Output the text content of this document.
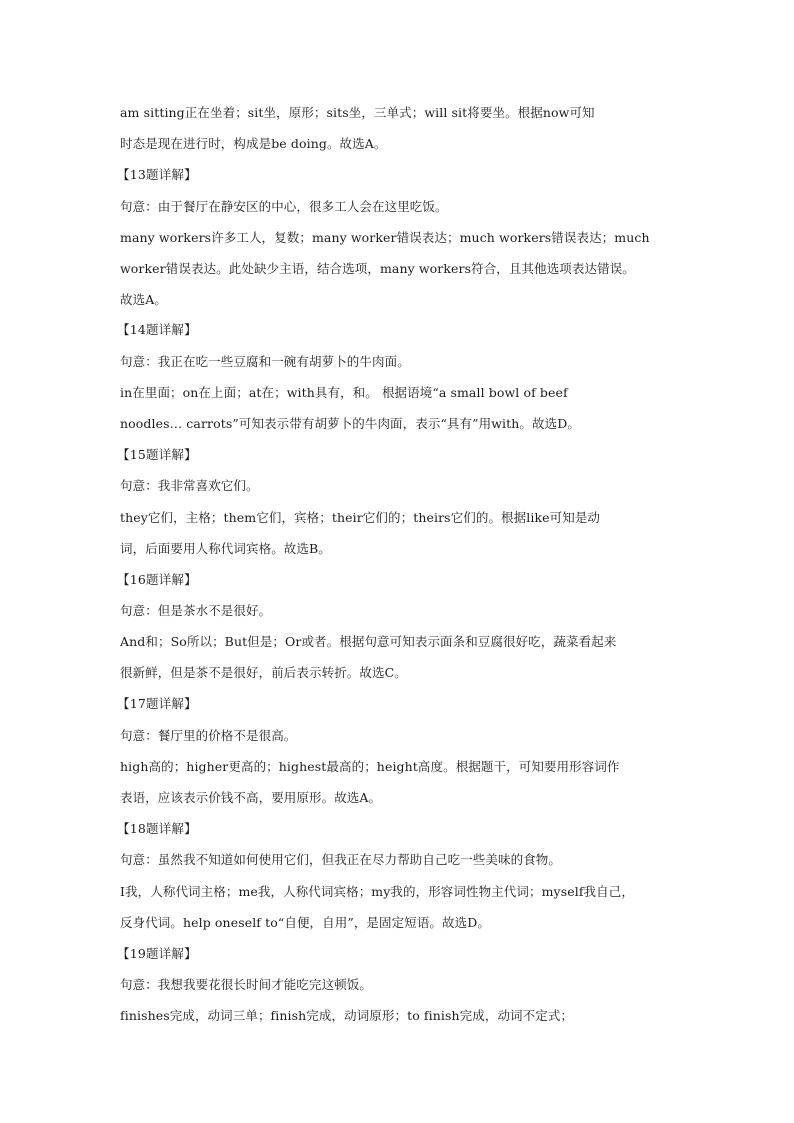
am sitting正在坐着；sit坐，原形；sits坐，三单式；will sit将要坐。根据now可知
时态是现在进行时，构成是be doing。故选A。
【13题详解】
句意：由于餐厅在静安区的中心，很多工人会在这里吃饭。
many workers许多工人，复数；many worker错误表达；much workers错误表达；much
worker错误表达。此处缺少主语，结合选项，many workers符合，且其他选项表达错误。
故选A。
【14题详解】
句意：我正在吃一些豆腐和一碗有胡萝卜的牛肉面。
in在里面；on在上面；at在；with具有，和。 根据语境“a small bowl of beef
noodles… carrots”可知表示带有胡萝卜的牛肉面，表示“具有”用with。故选D。
【15题详解】
句意：我非常喜欢它们。
they它们，主格；them它们，宾格；their它们的；theirs它们的。根据like可知是动
词，后面要用人称代词宾格。故选B。
【16题详解】
句意：但是茶水不是很好。
And和；So所以；But但是；Or或者。根据句意可知表示面条和豆腐很好吃，蔬菜看起来
很新鲜，但是茶不是很好，前后表示转折。故选C。
【17题详解】
句意：餐厅里的价格不是很高。
high高的；higher更高的；highest最高的；height高度。根据题干，可知要用形容词作
表语，应该表示价钱不高，要用原形。故选A。
【18题详解】
句意：虽然我不知道如何使用它们，但我正在尽力帮助自己吃一些美味的食物。
I我，人称代词主格；me我，人称代词宾格；my我的，形容词性物主代词；myself我自己，
反身代词。help oneself to“自便，自用”，是固定短语。故选D。
【19题详解】
句意：我想我要花很长时间才能吃完这顿饭。
finishes完成，动词三单；finish完成，动词原形；to finish完成，动词不定式；
